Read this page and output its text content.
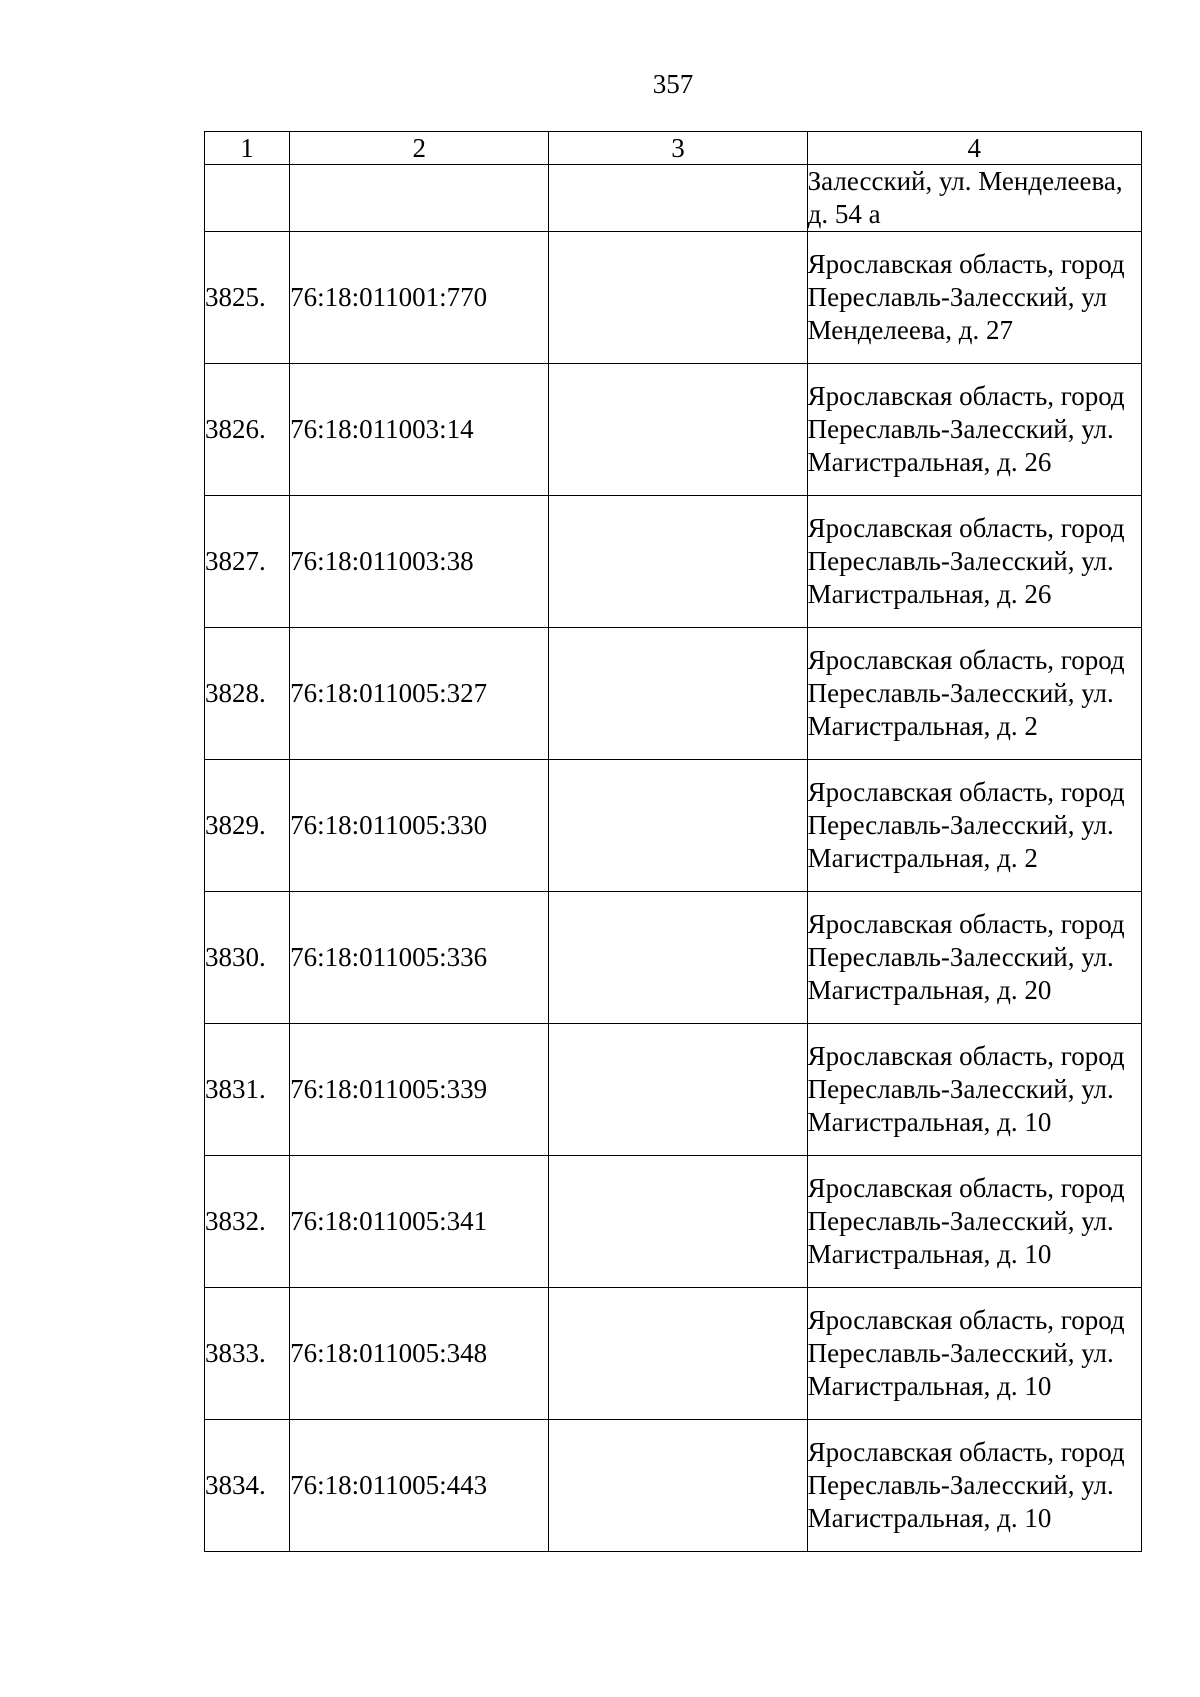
357
1	2	3	4
			Залесский, ул. Менделеева, д. 54 а
3825.	76:18:011001:770		Ярославская область, город Переславль-Залесский, ул Менделеева, д. 27
3826.	76:18:011003:14		Ярославская область, город Переславль-Залесский, ул. Магистральная, д. 26
3827.	76:18:011003:38		Ярославская область, город Переславль-Залесский, ул. Магистральная, д. 26
3828.	76:18:011005:327		Ярославская область, город Переславль-Залесский, ул. Магистральная, д. 2
3829.	76:18:011005:330		Ярославская область, город Переславль-Залесский, ул. Магистральная, д. 2
3830.	76:18:011005:336		Ярославская область, город Переславль-Залесский, ул. Магистральная, д. 20
3831.	76:18:011005:339		Ярославская область, город Переславль-Залесский, ул. Магистральная, д. 10
3832.	76:18:011005:341		Ярославская область, город Переславль-Залесский, ул. Магистральная, д. 10
3833.	76:18:011005:348		Ярославская область, город Переславль-Залесский, ул. Магистральная, д. 10
3834.	76:18:011005:443		Ярославская область, город Переславль-Залесский, ул. Магистральная, д. 10
